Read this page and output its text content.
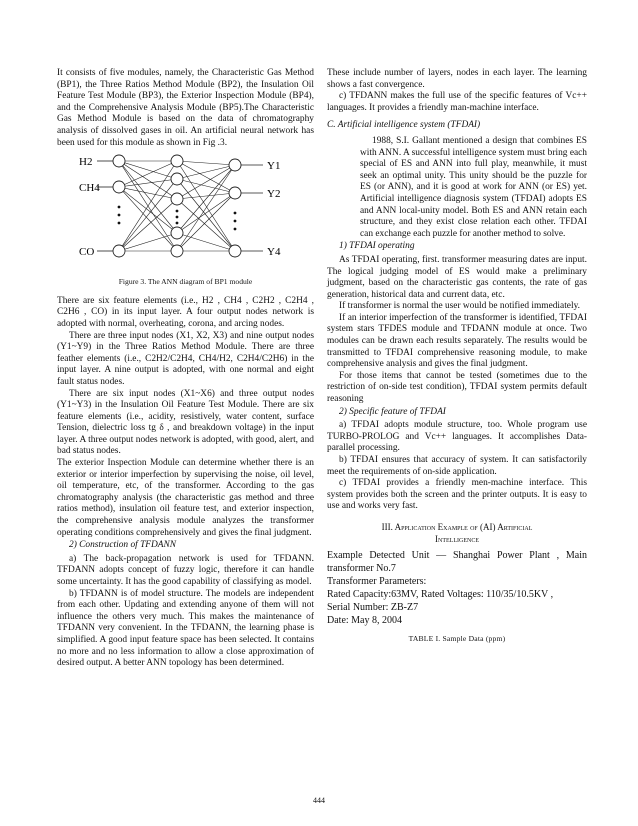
It consists of five modules, namely, the Characteristic Gas Method (BP1), the Three Ratios Method Module (BP2), the Insulation Oil Feature Test Module (BP3), the Exterior Inspection Module (BP4), and the Comprehensive Analysis Module (BP5).The Characteristic Gas Method Module is based on the data of chromatography analysis of dissolved gases in oil. An artificial neural network has been used for this module as shown in Fig .3.

H2
CH4
CO
Y1
Y2
Y4

Figure 3. The ANN diagram of BP1 module

There are six feature elements (i.e., H2 , CH4 , C2H2 , C2H4 , C2H6 , CO) in its input layer. A four output nodes network is adopted with normal, overheating, corona, and arcing nodes.

There are three input nodes (X1, X2, X3) and nine output nodes (Y1~Y9) in the Three Ratios Method Module. There are three feather elements (i.e., C2H2/C2H4, CH4/H2, C2H4/C2H6) in the input layer. A nine output is adopted, with one normal and eight fault status nodes.

There are six input nodes (X1~X6) and three output nodes (Y1~Y3) in the Insulation Oil Feature Test Module. There are six feature elements (i.e., acidity, resistively, water content, surface Tension, dielectric loss tg δ , and breakdown voltage) in the input layer. A three output nodes network is adopted, with good, alert, and bad status nodes.

The exterior Inspection Module can determine whether there is an exterior or interior imperfection by supervising the noise, oil level, oil temperature, etc, of the transformer. According to the gas chromatography analysis (the characteristic gas method and three ratios method), insulation oil feature test, and exterior inspection, the comprehensive analysis module analyzes the transformer operating conditions comprehensively and gives the final judgment.

2) Construction of TFDANN

a) The back-propagation network is used for TFDANN. TFDANN adopts concept of fuzzy logic, therefore it can handle some uncertainty. It has the good capability of classifying as model.

b) TFDANN is of model structure. The models are independent from each other. Updating and extending anyone of them will not influence the others very much. This makes the maintenance of TFDANN very convenient. In the TFDANN, the learning phase is simplified. A good input feature space has been selected. It contains no more and no less information to allow a close approximation of desired output. A better ANN topology has been determined.

These include number of layers, nodes in each layer. The learning shows a fast convergence.

c) TFDANN makes the full use of the specific features of Vc++ languages. It provides a friendly man-machine interface.

C. Artificial intelligence system (TFDAI)

1988, S.I. Gallant mentioned a design that combines ES with ANN. A successful intelligence system must bring each special of ES and ANN into full play, meanwhile, it must seek an optimal unity. This unity should be the puzzle for ES (or ANN), and it is good at work for ANN (or ES) yet. Artificial intelligence diagnosis system (TFDAI) adopts ES and ANN local-unity model. Both ES and ANN retain each structure, and they exist close relation each other. TFDAI can exchange each puzzle for another method to solve.

1) TFDAI operating

As TFDAI operating, first. transformer measuring dates are input. The logical judging model of ES would make a preliminary judgment, based on the characteristic gas contents, the rate of gas generation, historical data and current data, etc.

If transformer is normal the user would be notified immediately.

If an interior imperfection of the transformer is identified, TFDAI system stars TFDES module and TFDANN module at once. Two modules can be drawn each results separately. The results would be transmitted to TFDAI comprehensive reasoning module, to make comprehensive analysis and gives the final judgment.

For those items that cannot be tested (sometimes due to the restriction of on-side test condition), TFDAI system permits default reasoning

2) Specific feature of TFDAI

a) TFDAI adopts module structure, too. Whole program use TURBO-PROLOG and Vc++ languages. It accomplishes Data-parallel processing.

b) TFDAI ensures that accuracy of system. It can satisfactorily meet the requirements of on-side application.

c) TFDAI provides a friendly men-machine interface. This system provides both the screen and the printer outputs. It is easy to use and works very fast.

III. Application Example of (AI) Artificial
Intelligence

Example Detected Unit — Shanghai Power Plant , Main transformer No.7

Transformer Parameters:

Rated Capacity:63MV, Rated Voltages: 110/35/10.5KV ,

Serial Number: ZB-Z7

Date: May 8, 2004

TABLE I. Sample Data (ppm)

444
